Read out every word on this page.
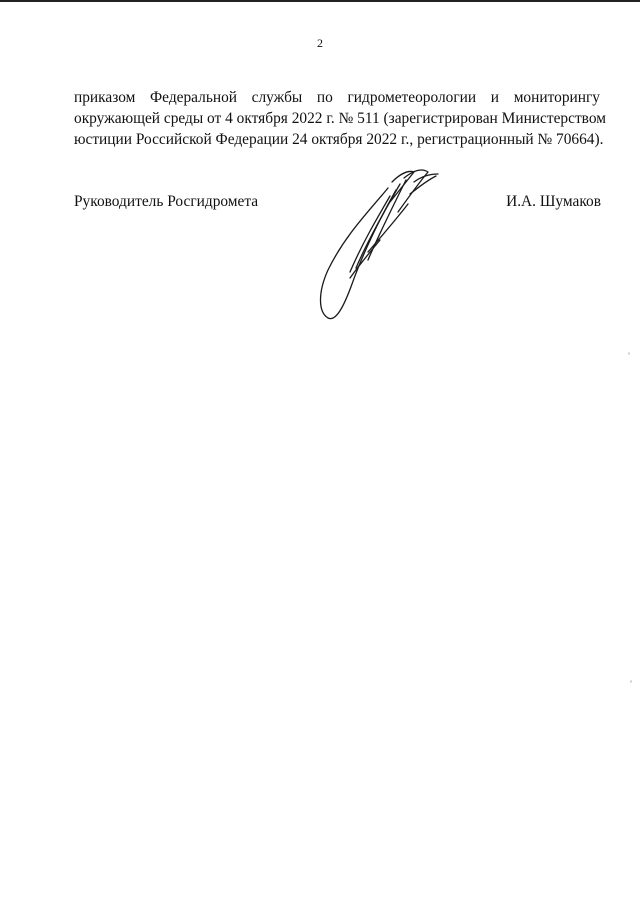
2
приказом Федеральной службы по гидрометеорологии и мониторингу
окружающей среды от 4 октября 2022 г. № 511 (зарегистрирован Министерством
юстиции Российской Федерации 24 октября 2022 г., регистрационный № 70664).
Руководитель Росгидромета	И.А. Шумаков
